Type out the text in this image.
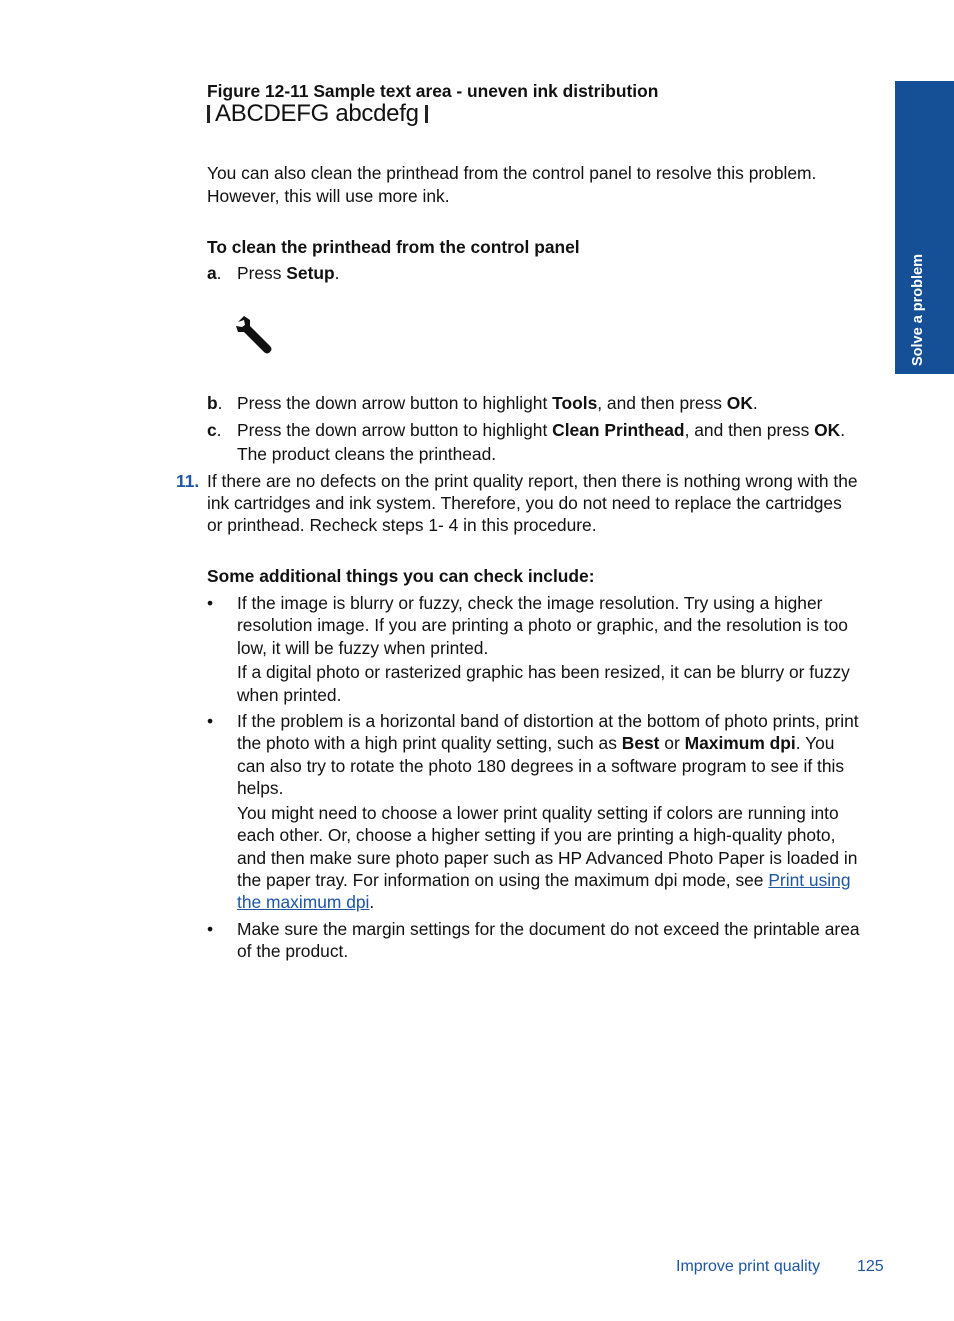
Solve a problem
Figure 12-11 Sample text area - uneven ink distribution
ABCDEFG abcdefg
You can also clean the printhead from the control panel to resolve this problem.
However, this will use more ink.
To clean the printhead from the control panel
a. Press Setup.
b. Press the down arrow button to highlight Tools, and then press OK.
c. Press the down arrow button to highlight Clean Printhead, and then press OK.
The product cleans the printhead.
11. If there are no defects on the print quality report, then there is nothing wrong with the
ink cartridges and ink system. Therefore, you do not need to replace the cartridges
or printhead. Recheck steps 1- 4 in this procedure.
Some additional things you can check include:
• If the image is blurry or fuzzy, check the image resolution. Try using a higher
resolution image. If you are printing a photo or graphic, and the resolution is too
low, it will be fuzzy when printed.
If a digital photo or rasterized graphic has been resized, it can be blurry or fuzzy
when printed.
• If the problem is a horizontal band of distortion at the bottom of photo prints, print
the photo with a high print quality setting, such as Best or Maximum dpi. You
can also try to rotate the photo 180 degrees in a software program to see if this
helps.
You might need to choose a lower print quality setting if colors are running into
each other. Or, choose a higher setting if you are printing a high-quality photo,
and then make sure photo paper such as HP Advanced Photo Paper is loaded in
the paper tray. For information on using the maximum dpi mode, see Print using
the maximum dpi.
• Make sure the margin settings for the document do not exceed the printable area
of the product.
Improve print quality 125
